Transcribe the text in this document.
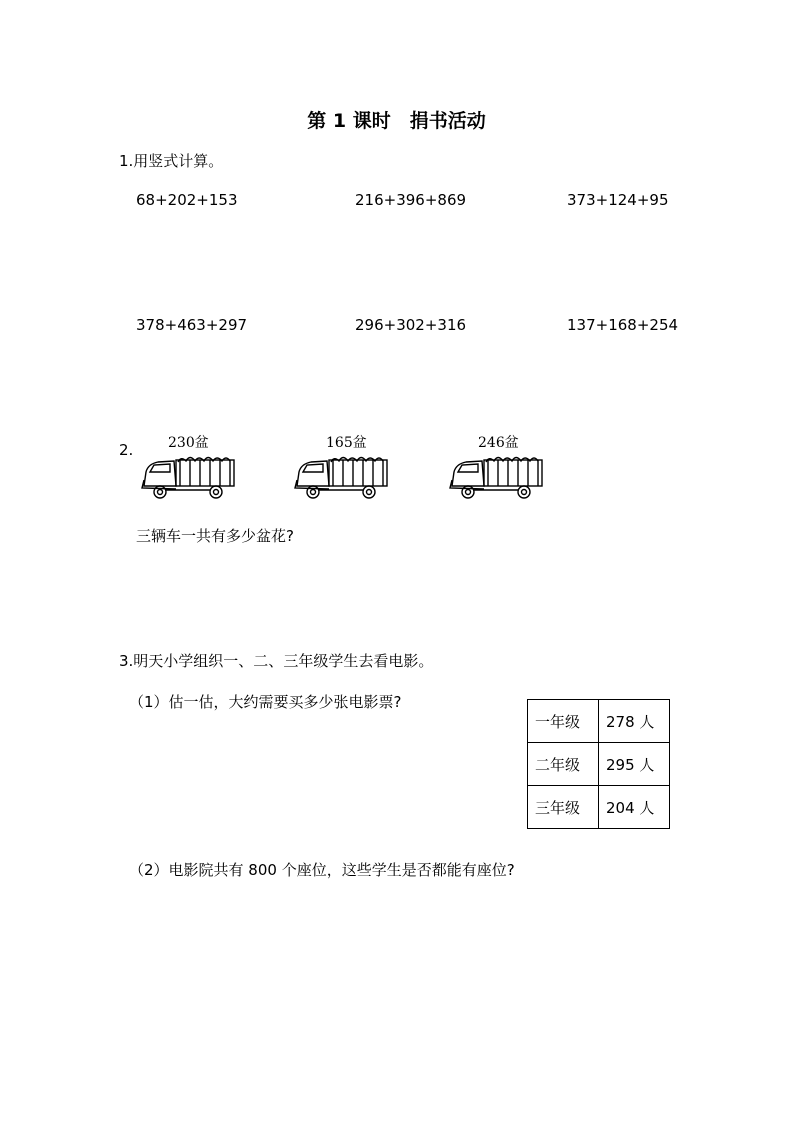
第 1 课时　捐书活动
1.用竖式计算。
68+202+153	216+396+869	373+124+95
378+463+297	296+302+316	137+168+254
2. 230盆	165盆	246盆
三辆车一共有多少盆花?
3.明天小学组织一、二、三年级学生去看电影。
（1）估一估，大约需要买多少张电影票?
一年级	278 人
二年级	295 人
三年级	204 人
（2）电影院共有 800 个座位，这些学生是否都能有座位?
